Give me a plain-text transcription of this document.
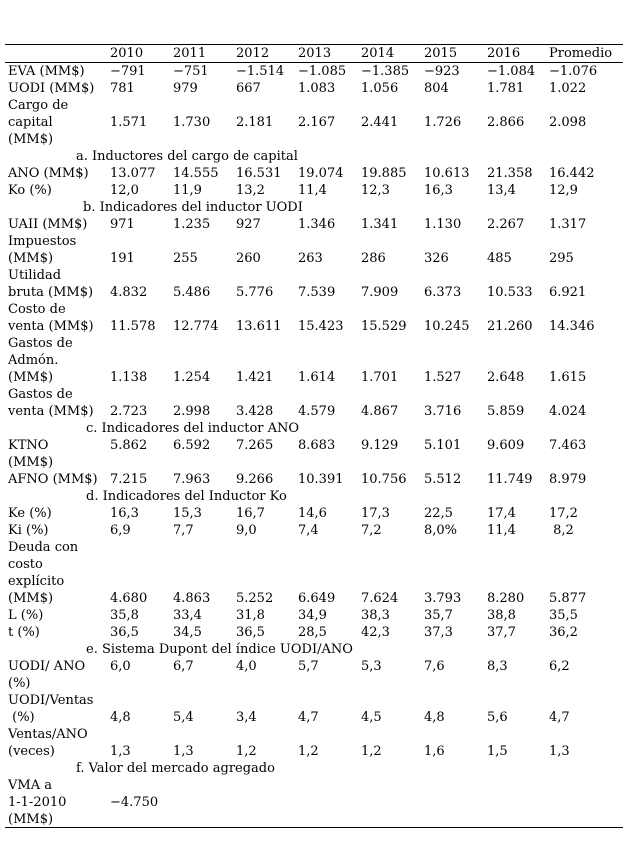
2010 2011 2012 2013 2014 2015 2016 Promedio
EVA (MM$) −791 −751 −1.514 −1.085 −1.385 −923 −1.084 −1.076
UODI (MM$) 781	979	667	1.083 1.056 804	1.781 1.022
Cargo de
capital
(MM$)
1.571 1.730 2.181 2.167 2.441 1.726 2.866 2.098
a. Inductores del cargo de capital
ANO (MM$) 13.077 14.555 16.531 19.074 19.885 10.613 21.358 16.442
Ko (%)	12,0	11,9	13,2	11,4	12,3	16,3	13,4	12,9
b. Indicadores del inductor UODI
UAII (MM$) 971	1.235 927	1.346 1.341 1.130 2.267 1.317
Impuestos
(MM$)	191	255	260	263	286	326	485	295
Utilidad
bruta (MM$) 4.832 5.486 5.776 7.539 7.909 6.373 10.533 6.921
Costo de
venta (MM$) 11.578 12.774 13.611 15.423 15.529 10.245 21.260 14.346
Gastos de
Admón.
(MM$)	1.138 1.254 1.421 1.614 1.701 1.527 2.648 1.615
Gastos de
venta (MM$) 2.723 2.998 3.428 4.579 4.867 3.716 5.859 4.024
c. Indicadores del inductor ANO
KTNO
(MM$)
5.862 6.592 7.265 8.683 9.129 5.101 9.609 7.463
AFNO (MM$) 7.215 7.963 9.266 10.391 10.756 5.512 11.749 8.979
d. Indicadores del Inductor Ko
Ke (%)	16,3	15,3	16,7	14,6	17,3	22,5	17,4	17,2
Ki (%)	6,9	7,7	9,0	7,4	7,2	8,0% 11,4	8,2
Deuda con
costo
explícito
(MM$)	4.680 4.863 5.252 6.649 7.624 3.793 8.280 5.877
L (%)	35,8	33,4	31,8	34,9	38,3	35,7	38,8	35,5
t (%)	36,5	34,5	36,5	28,5	42,3	37,3	37,7	36,2
e. Sistema Dupont del índice UODI/ANO
UODI/ ANO
(%)
6,0	6,7	4,0	5,7	5,3	7,6	8,3	6,2
UODI/Ventas
(%)	4,8	5,4	3,4	4,7	4,5	4,8	5,6	4,7
Ventas/ANO
(veces)	1,3	1,3	1,2	1,2	1,2	1,6	1,5	1,3
f. Valor del mercado agregado
VMA a
1-1-2010
(MM$)
−4.750
